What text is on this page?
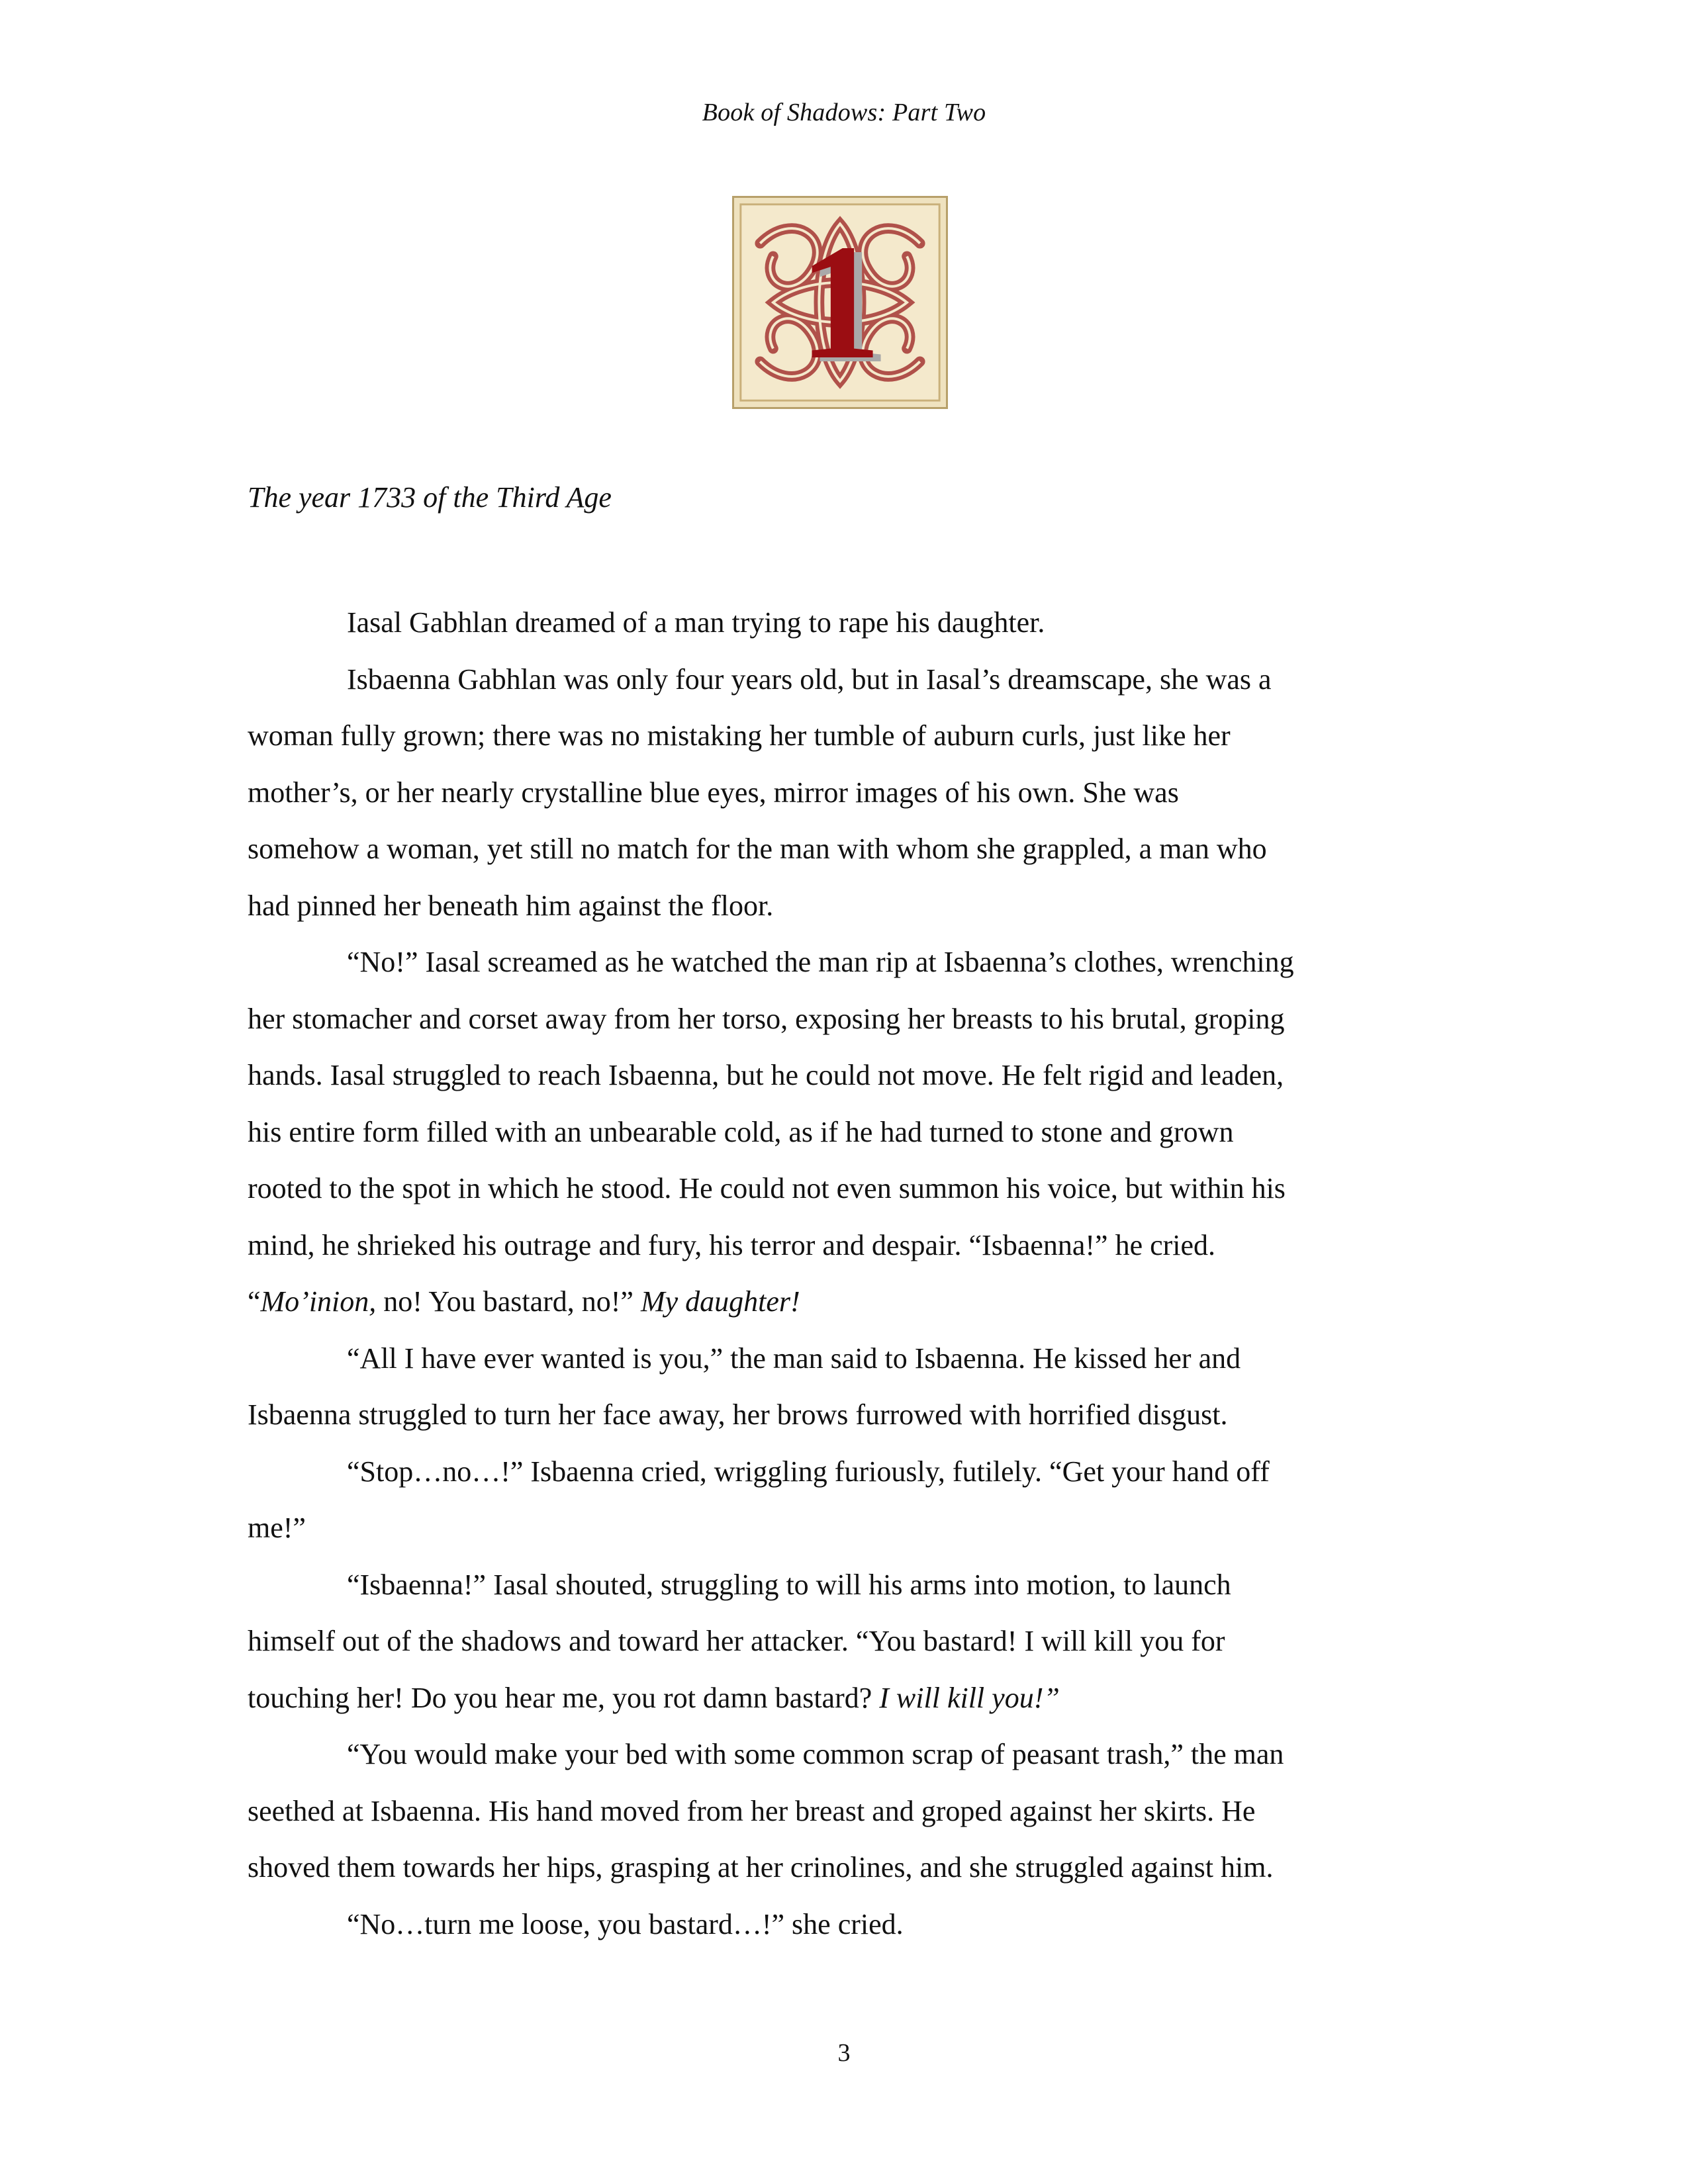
Book of Shadows: Part Two
1
The year 1733 of the Third Age
Iasal Gabhlan dreamed of a man trying to rape his daughter.
Isbaenna Gabhlan was only four years old, but in Iasal’s dreamscape, she was a
woman fully grown; there was no mistaking her tumble of auburn curls, just like her
mother’s, or her nearly crystalline blue eyes, mirror images of his own. She was
somehow a woman, yet still no match for the man with whom she grappled, a man who
had pinned her beneath him against the floor.
“No!” Iasal screamed as he watched the man rip at Isbaenna’s clothes, wrenching
her stomacher and corset away from her torso, exposing her breasts to his brutal, groping
hands. Iasal struggled to reach Isbaenna, but he could not move. He felt rigid and leaden,
his entire form filled with an unbearable cold, as if he had turned to stone and grown
rooted to the spot in which he stood. He could not even summon his voice, but within his
mind, he shrieked his outrage and fury, his terror and despair. “Isbaenna!” he cried.
“Mo’inion, no! You bastard, no!” My daughter!
“All I have ever wanted is you,” the man said to Isbaenna. He kissed her and
Isbaenna struggled to turn her face away, her brows furrowed with horrified disgust.
“Stop…no…!” Isbaenna cried, wriggling furiously, futilely. “Get your hand off
me!”
“Isbaenna!” Iasal shouted, struggling to will his arms into motion, to launch
himself out of the shadows and toward her attacker. “You bastard! I will kill you for
touching her! Do you hear me, you rot damn bastard? I will kill you!”
“You would make your bed with some common scrap of peasant trash,” the man
seethed at Isbaenna. His hand moved from her breast and groped against her skirts. He
shoved them towards her hips, grasping at her crinolines, and she struggled against him.
“No…turn me loose, you bastard…!” she cried.
3
